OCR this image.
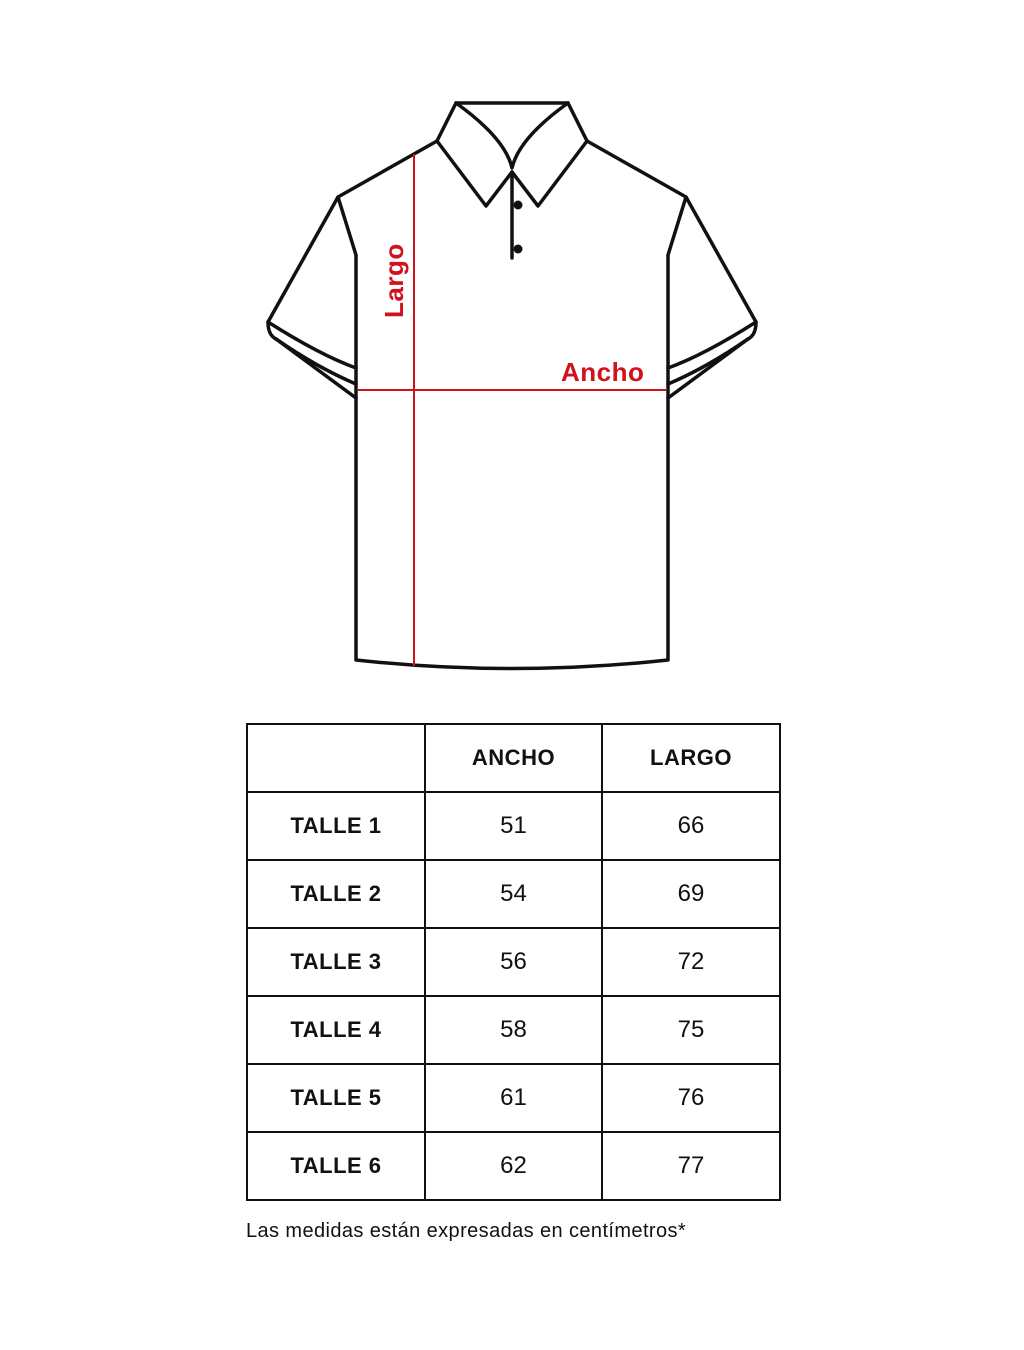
Largo
Ancho
	ANCHO	LARGO
TALLE 1	51	66
TALLE 2	54	69
TALLE 3	56	72
TALLE 4	58	75
TALLE 5	61	76
TALLE 6	62	77
Las medidas están expresadas en centímetros*
